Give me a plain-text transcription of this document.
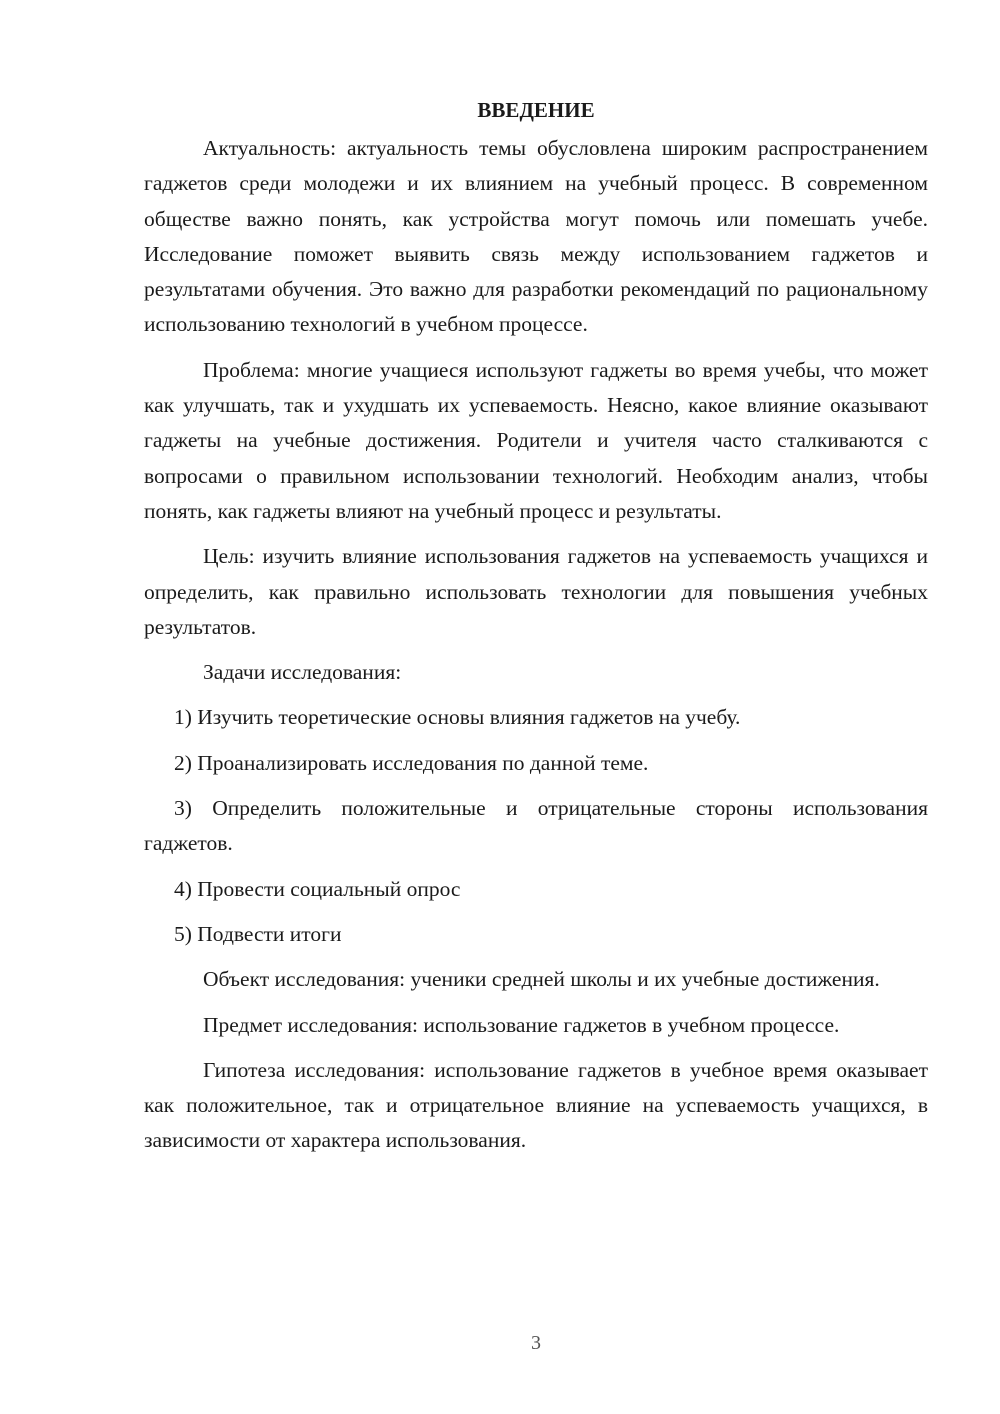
ВВЕДЕНИЕ

Актуальность: актуальность темы обусловлена широким распространением гаджетов среди молодежи и их влиянием на учебный процесс. В современном обществе важно понять, как устройства могут помочь или помешать учебе. Исследование поможет выявить связь между использованием гаджетов и результатами обучения. Это важно для разработки рекомендаций по рациональному использованию технологий в учебном процессе.

Проблема: многие учащиеся используют гаджеты во время учебы, что может как улучшать, так и ухудшать их успеваемость. Неясно, какое влияние оказывают гаджеты на учебные достижения. Родители и учителя часто сталкиваются с вопросами о правильном использовании технологий. Необходим анализ, чтобы понять, как гаджеты влияют на учебный процесс и результаты.

Цель: изучить влияние использования гаджетов на успеваемость учащихся и определить, как правильно использовать технологии для повышения учебных результатов.

Задачи исследования:

1) Изучить теоретические основы влияния гаджетов на учебу.

2) Проанализировать исследования по данной теме.

3) Определить положительные и отрицательные стороны использования гаджетов.

4) Провести социальный опрос

5) Подвести итоги

Объект исследования: ученики средней школы и их учебные достижения.

Предмет исследования: использование гаджетов в учебном процессе.

Гипотеза исследования: использование гаджетов в учебное время оказывает как положительное, так и отрицательное влияние на успеваемость учащихся, в зависимости от характера использования.

3
